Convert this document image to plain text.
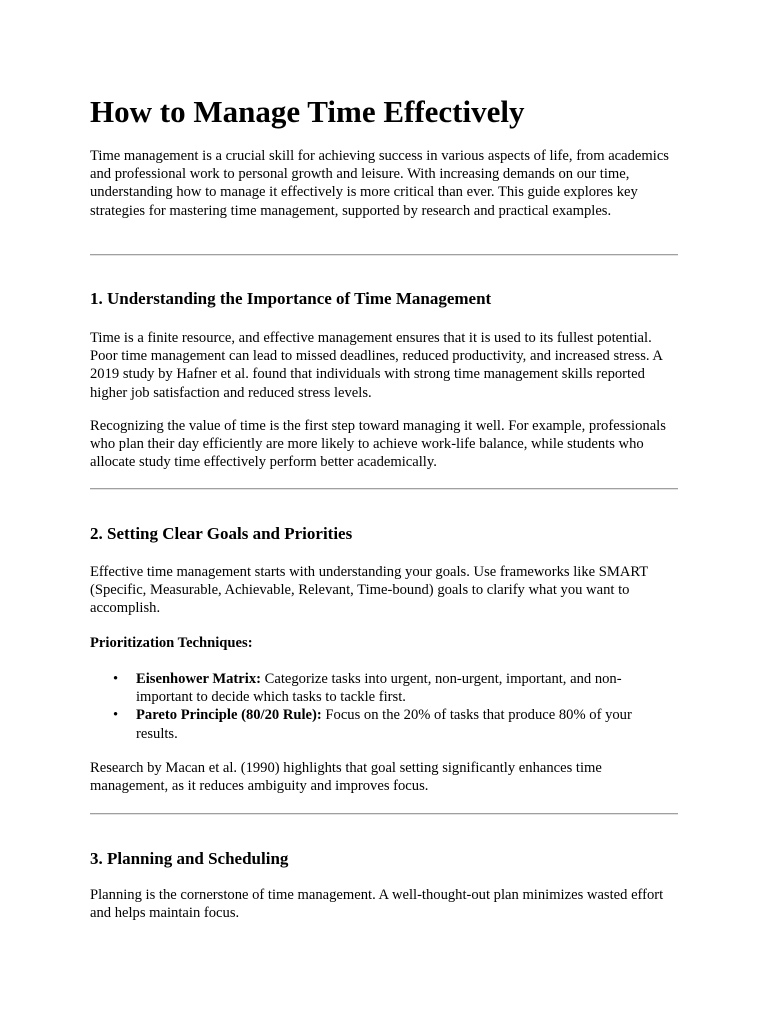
How to Manage Time Effectively

Time management is a crucial skill for achieving success in various aspects of life, from academics and professional work to personal growth and leisure. With increasing demands on our time, understanding how to manage it effectively is more critical than ever. This guide explores key strategies for mastering time management, supported by research and practical examples.

1. Understanding the Importance of Time Management

Time is a finite resource, and effective management ensures that it is used to its fullest potential. Poor time management can lead to missed deadlines, reduced productivity, and increased stress. A 2019 study by Hafner et al. found that individuals with strong time management skills reported higher job satisfaction and reduced stress levels.

Recognizing the value of time is the first step toward managing it well. For example, professionals who plan their day efficiently are more likely to achieve work-life balance, while students who allocate study time effectively perform better academically.

2. Setting Clear Goals and Priorities

Effective time management starts with understanding your goals. Use frameworks like SMART (Specific, Measurable, Achievable, Relevant, Time-bound) goals to clarify what you want to accomplish.

Prioritization Techniques:

• Eisenhower Matrix: Categorize tasks into urgent, non-urgent, important, and non-important to decide which tasks to tackle first.
• Pareto Principle (80/20 Rule): Focus on the 20% of tasks that produce 80% of your results.

Research by Macan et al. (1990) highlights that goal setting significantly enhances time management, as it reduces ambiguity and improves focus.

3. Planning and Scheduling

Planning is the cornerstone of time management. A well-thought-out plan minimizes wasted effort and helps maintain focus.
